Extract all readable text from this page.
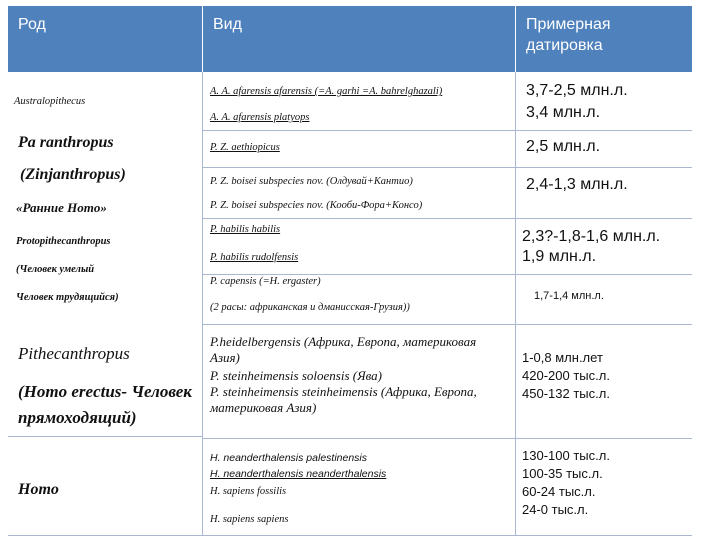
Род	Вид	Примерная
датировка
Australopithecus
Pa ranthropus
(Zinjanthropus)
«Ранние Homo»
Protopithecanthropus
(Человек умелый
Человек трудящийся)
Pithecanthropus
(Homo erectus- Человек
прямоходящий)
Homo
A. A. afarensis afarensis (=A. garhi =A. bahrelghazali)
A. A. afarensis platyops
P. Z. aethiopicus
P. Z. boisei subspecies nov. (Олдувай+Кантио)
P. Z. boisei subspecies nov. (Кооби-Фора+Консо)
P. habilis habilis
P. habilis rudolfensis
P. capensis (=H. ergaster)
(2 расы: африканская и дманисская-Грузия))
P.heidelbergensis (Африка, Европа, материковая
Азия)
P. steinheimensis soloensis (Ява)
P. steinheimensis steinheimensis (Африка, Европа,
материковая Азия)
H. neanderthalensis palestinensis
H. neanderthalensis neanderthalensis
H. sapiens fossilis
H. sapiens sapiens
3,7-2,5 млн.л.
3,4 млн.л.
2,5 млн.л.
2,4-1,3 млн.л.
2,3?-1,8-1,6 млн.л.
1,9 млн.л.
1,7-1,4 млн.л.
1-0,8 млн.лет
420-200 тыс.л.
450-132 тыс.л.
130-100 тыс.л.
100-35 тыс.л.
60-24 тыс.л.
24-0 тыс.л.
